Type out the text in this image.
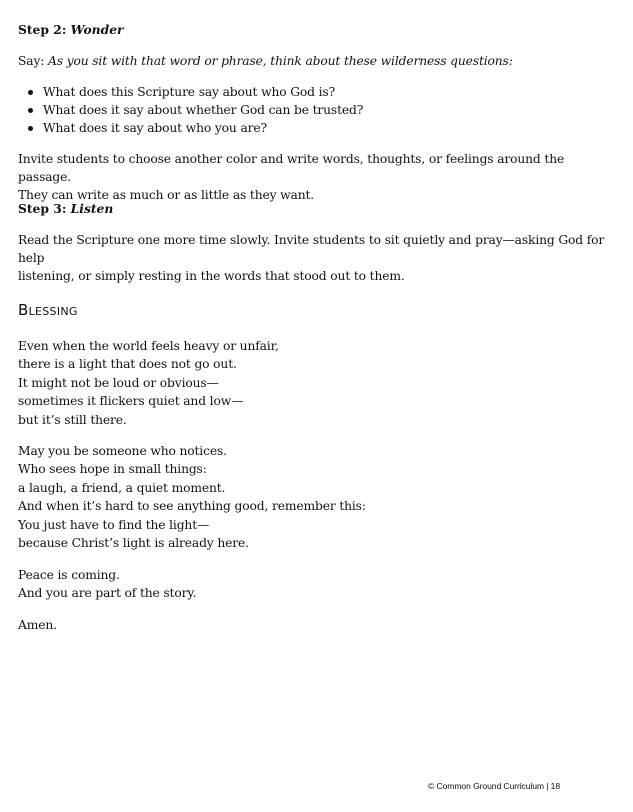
Step 2: Wonder

Say: As you sit with that word or phrase, think about these wilderness questions:

What does this Scripture say about who God is?
What does it say about whether God can be trusted?
What does it say about who you are?

Invite students to choose another color and write words, thoughts, or feelings around the passage.

They can write as much or as little as they want.

Step 3: Listen

Read the Scripture one more time slowly. Invite students to sit quietly and pray—asking God for help

listening, or simply resting in the words that stood out to them.

Blessing
Even when the world feels heavy or unfair,
there is a light that does not go out.
It might not be loud or obvious—
sometimes it flickers quiet and low—
but it’s still there.
May you be someone who notices.
Who sees hope in small things:
a laugh, a friend, a quiet moment.
And when it’s hard to see anything good, remember this:
You just have to find the light—
because Christ’s light is already here.
Peace is coming.
And you are part of the story.
Amen.
© Common Ground Curriculum | 18
